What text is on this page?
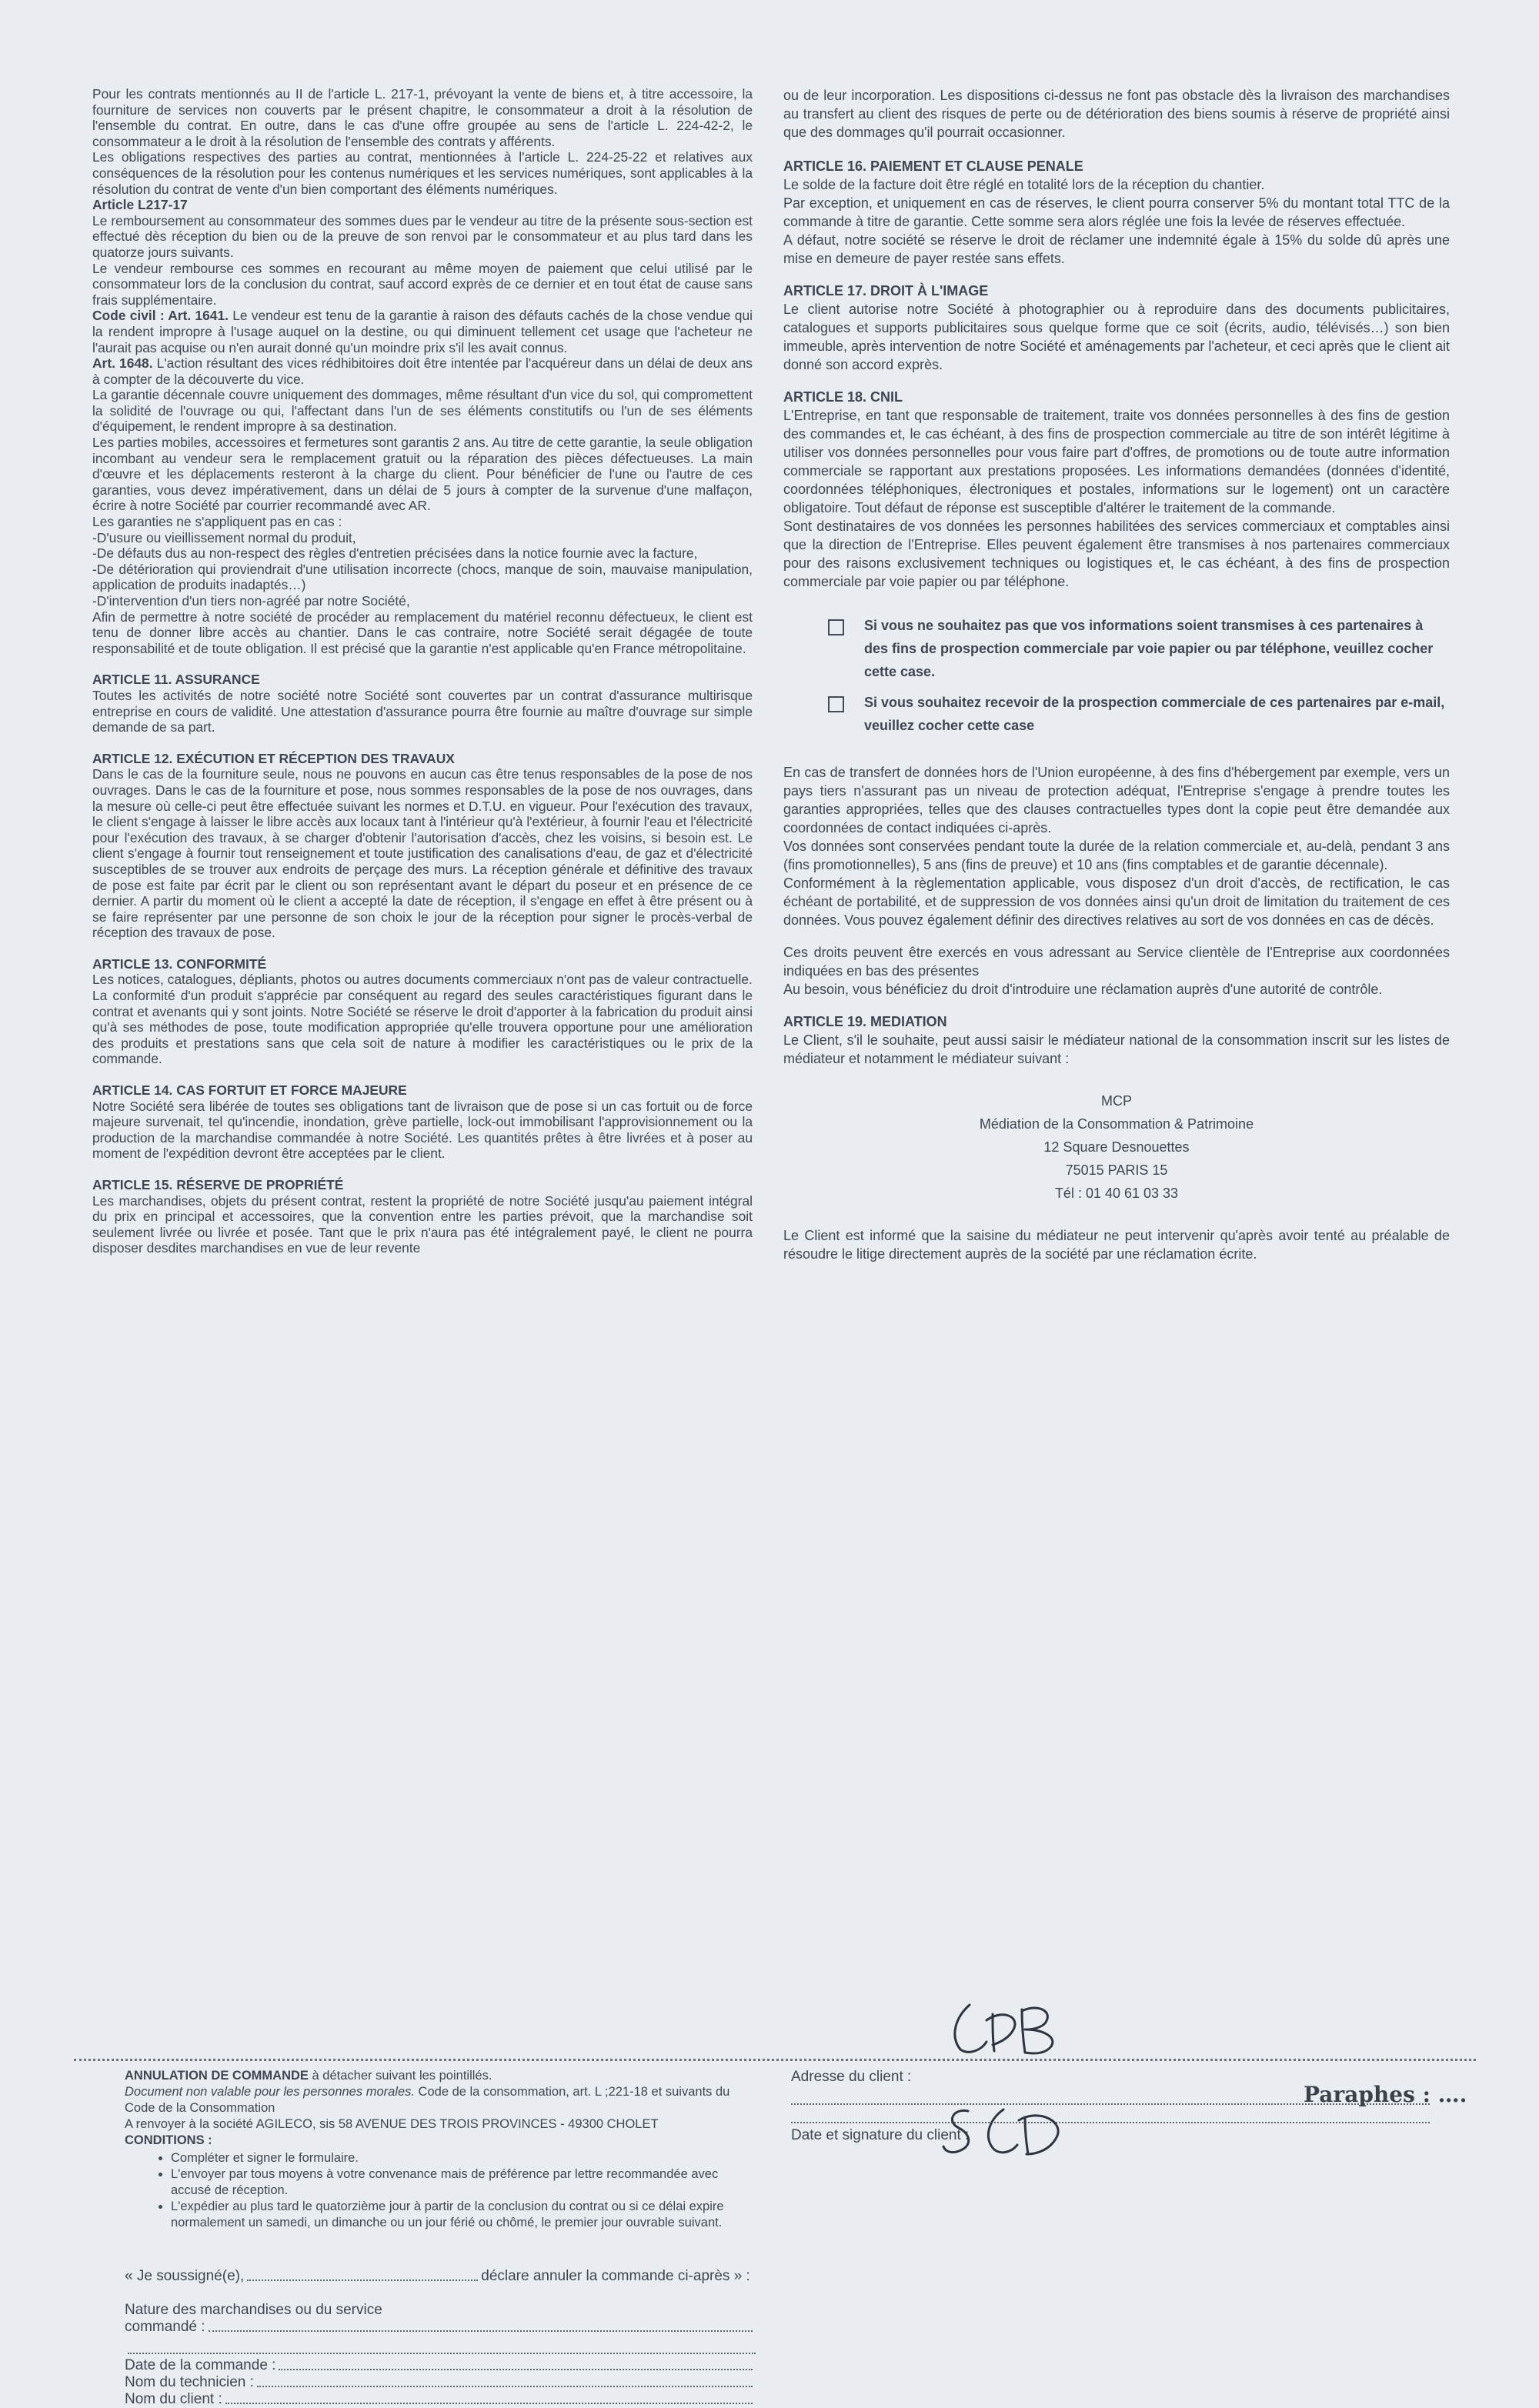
Pour les contrats mentionnés au II de l'article L. 217-1, prévoyant la vente de biens et, à titre accessoire, la fourniture de services non couverts par le présent chapitre, le consommateur a droit à la résolution de l'ensemble du contrat. En outre, dans le cas d'une offre groupée au sens de l'article L. 224-42-2, le consommateur a le droit à la résolution de l'ensemble des contrats y afférents.

Les obligations respectives des parties au contrat, mentionnées à l'article L. 224-25-22 et relatives aux conséquences de la résolution pour les contenus numériques et les services numériques, sont applicables à la résolution du contrat de vente d'un bien comportant des éléments numériques.

Article L217-17

Le remboursement au consommateur des sommes dues par le vendeur au titre de la présente sous-section est effectué dès réception du bien ou de la preuve de son renvoi par le consommateur et au plus tard dans les quatorze jours suivants.

Le vendeur rembourse ces sommes en recourant au même moyen de paiement que celui utilisé par le consommateur lors de la conclusion du contrat, sauf accord exprès de ce dernier et en tout état de cause sans frais supplémentaire.

Code civil : Art. 1641. Le vendeur est tenu de la garantie à raison des défauts cachés de la chose vendue qui la rendent impropre à l'usage auquel on la destine, ou qui diminuent tellement cet usage que l'acheteur ne l'aurait pas acquise ou n'en aurait donné qu'un moindre prix s'il les avait connus.

Art. 1648. L'action résultant des vices rédhibitoires doit être intentée par l'acquéreur dans un délai de deux ans à compter de la découverte du vice.

La garantie décennale couvre uniquement des dommages, même résultant d'un vice du sol, qui compromettent la solidité de l'ouvrage ou qui, l'affectant dans l'un de ses éléments constitutifs ou l'un de ses éléments d'équipement, le rendent impropre à sa destination.

Les parties mobiles, accessoires et fermetures sont garantis 2 ans. Au titre de cette garantie, la seule obligation incombant au vendeur sera le remplacement gratuit ou la réparation des pièces défectueuses. La main d'œuvre et les déplacements resteront à la charge du client. Pour bénéficier de l'une ou l'autre de ces garanties, vous devez impérativement, dans un délai de 5 jours à compter de la survenue d'une malfaçon, écrire à notre Société par courrier recommandé avec AR.

Les garanties ne s'appliquent pas en cas :

-D'usure ou vieillissement normal du produit,

-De défauts dus au non-respect des règles d'entretien précisées dans la notice fournie avec la facture,

-De détérioration qui proviendrait d'une utilisation incorrecte (chocs, manque de soin, mauvaise manipulation, application de produits inadaptés…)

-D'intervention d'un tiers non-agréé par notre Société,

Afin de permettre à notre société de procéder au remplacement du matériel reconnu défectueux, le client est tenu de donner libre accès au chantier. Dans le cas contraire, notre Société serait dégagée de toute responsabilité et de toute obligation. Il est précisé que la garantie n'est applicable qu'en France métropolitaine.

ARTICLE 11. ASSURANCE

Toutes les activités de notre société notre Société sont couvertes par un contrat d'assurance multirisque entreprise en cours de validité. Une attestation d'assurance pourra être fournie au maître d'ouvrage sur simple demande de sa part.

ARTICLE 12. EXÉCUTION ET RÉCEPTION DES TRAVAUX

Dans le cas de la fourniture seule, nous ne pouvons en aucun cas être tenus responsables de la pose de nos ouvrages. Dans le cas de la fourniture et pose, nous sommes responsables de la pose de nos ouvrages, dans la mesure où celle-ci peut être effectuée suivant les normes et D.T.U. en vigueur. Pour l'exécution des travaux, le client s'engage à laisser le libre accès aux locaux tant à l'intérieur qu'à l'extérieur, à fournir l'eau et l'électricité pour l'exécution des travaux, à se charger d'obtenir l'autorisation d'accès, chez les voisins, si besoin est. Le client s'engage à fournir tout renseignement et toute justification des canalisations d'eau, de gaz et d'électricité susceptibles de se trouver aux endroits de perçage des murs. La réception générale et définitive des travaux de pose est faite par écrit par le client ou son représentant avant le départ du poseur et en présence de ce dernier. A partir du moment où le client a accepté la date de réception, il s'engage en effet à être présent ou à se faire représenter par une personne de son choix le jour de la réception pour signer le procès-verbal de réception des travaux de pose.

ARTICLE 13. CONFORMITÉ

Les notices, catalogues, dépliants, photos ou autres documents commerciaux n'ont pas de valeur contractuelle.

La conformité d'un produit s'apprécie par conséquent au regard des seules caractéristiques figurant dans le contrat et avenants qui y sont joints. Notre Société se réserve le droit d'apporter à la fabrication du produit ainsi qu'à ses méthodes de pose, toute modification appropriée qu'elle trouvera opportune pour une amélioration des produits et prestations sans que cela soit de nature à modifier les caractéristiques ou le prix de la commande.

ARTICLE 14. CAS FORTUIT ET FORCE MAJEURE

Notre Société sera libérée de toutes ses obligations tant de livraison que de pose si un cas fortuit ou de force majeure survenait, tel qu'incendie, inondation, grève partielle, lock-out immobilisant l'approvisionnement ou la production de la marchandise commandée à notre Société. Les quantités prêtes à être livrées et à poser au moment de l'expédition devront être acceptées par le client.

ARTICLE 15. RÉSERVE DE PROPRIÉTÉ

Les marchandises, objets du présent contrat, restent la propriété de notre Société jusqu'au paiement intégral du prix en principal et accessoires, que la convention entre les parties prévoit, que la marchandise soit seulement livrée ou livrée et posée. Tant que le prix n'aura pas été intégralement payé, le client ne pourra disposer desdites marchandises en vue de leur revente

ou de leur incorporation. Les dispositions ci-dessus ne font pas obstacle dès la livraison des marchandises au transfert au client des risques de perte ou de détérioration des biens soumis à réserve de propriété ainsi que des dommages qu'il pourrait occasionner.

ARTICLE 16. PAIEMENT ET CLAUSE PENALE

Le solde de la facture doit être réglé en totalité lors de la réception du chantier.

Par exception, et uniquement en cas de réserves, le client pourra conserver 5% du montant total TTC de la commande à titre de garantie. Cette somme sera alors réglée une fois la levée de réserves effectuée.

A défaut, notre société se réserve le droit de réclamer une indemnité égale à 15% du solde dû après une mise en demeure de payer restée sans effets.

ARTICLE 17. DROIT À L'IMAGE

Le client autorise notre Société à photographier ou à reproduire dans des documents publicitaires, catalogues et supports publicitaires sous quelque forme que ce soit (écrits, audio, télévisés…) son bien immeuble, après intervention de notre Société et aménagements par l'acheteur, et ceci après que le client ait donné son accord exprès.

ARTICLE 18. CNIL

L'Entreprise, en tant que responsable de traitement, traite vos données personnelles à des fins de gestion des commandes et, le cas échéant, à des fins de prospection commerciale au titre de son intérêt légitime à utiliser vos données personnelles pour vous faire part d'offres, de promotions ou de toute autre information commerciale se rapportant aux prestations proposées. Les informations demandées (données d'identité, coordonnées téléphoniques, électroniques et postales, informations sur le logement) ont un caractère obligatoire. Tout défaut de réponse est susceptible d'altérer le traitement de la commande.

Sont destinataires de vos données les personnes habilitées des services commerciaux et comptables ainsi que la direction de l'Entreprise. Elles peuvent également être transmises à nos partenaires commerciaux pour des raisons exclusivement techniques ou logistiques et, le cas échéant, à des fins de prospection commerciale par voie papier ou par téléphone.

Si vous ne souhaitez pas que vos informations soient transmises à ces partenaires à des fins de prospection commerciale par voie papier ou par téléphone, veuillez cocher cette case.
Si vous souhaitez recevoir de la prospection commerciale de ces partenaires par e-mail, veuillez cocher cette case

En cas de transfert de données hors de l'Union européenne, à des fins d'hébergement par exemple, vers un pays tiers n'assurant pas un niveau de protection adéquat, l'Entreprise s'engage à prendre toutes les garanties appropriées, telles que des clauses contractuelles types dont la copie peut être demandée aux coordonnées de contact indiquées ci-après.

Vos données sont conservées pendant toute la durée de la relation commerciale et, au-delà, pendant 3 ans (fins promotionnelles), 5 ans (fins de preuve) et 10 ans (fins comptables et de garantie décennale).

Conformément à la règlementation applicable, vous disposez d'un droit d'accès, de rectification, le cas échéant de portabilité, et de suppression de vos données ainsi qu'un droit de limitation du traitement de ces données. Vous pouvez également définir des directives relatives au sort de vos données en cas de décès.

Ces droits peuvent être exercés en vous adressant au Service clientèle de l'Entreprise aux coordonnées indiquées en bas des présentes

Au besoin, vous bénéficiez du droit d'introduire une réclamation auprès d'une autorité de contrôle.

ARTICLE 19. MEDIATION

Le Client, s'il le souhaite, peut aussi saisir le médiateur national de la consommation inscrit sur les listes de médiateur et notamment le médiateur suivant :

MCP
Médiation de la Consommation & Patrimoine
12 Square Desnouettes
75015 PARIS 15
Tél : 01 40 61 03 33

Le Client est informé que la saisine du médiateur ne peut intervenir qu'après avoir tenté au préalable de résoudre le litige directement auprès de la société par une réclamation écrite.

ANNULATION DE COMMANDE à détacher suivant les pointillés.
Document non valable pour les personnes morales. Code de la consommation, art. L ;221-18 et suivants du Code de la Consommation
A renvoyer à la société AGILECO, sis 58 AVENUE DES TROIS PROVINCES - 49300 CHOLET
CONDITIONS :
• Compléter et signer le formulaire.
• L'envoyer par tous moyens à votre convenance mais de préférence par lettre recommandée avec accusé de réception.
• L'expédier au plus tard le quatorzième jour à partir de la conclusion du contrat ou si ce délai expire normalement un samedi, un dimanche ou un jour férié ou chômé, le premier jour ouvrable suivant.
« Je soussigné(e),	déclare annuler la commande ci-après » :
Nature des marchandises ou du service
commandé :
Date de la commande :
Nom du technicien :
Nom du client :
Adresse du client :
Date et signature du client :
Paraphes : ….
